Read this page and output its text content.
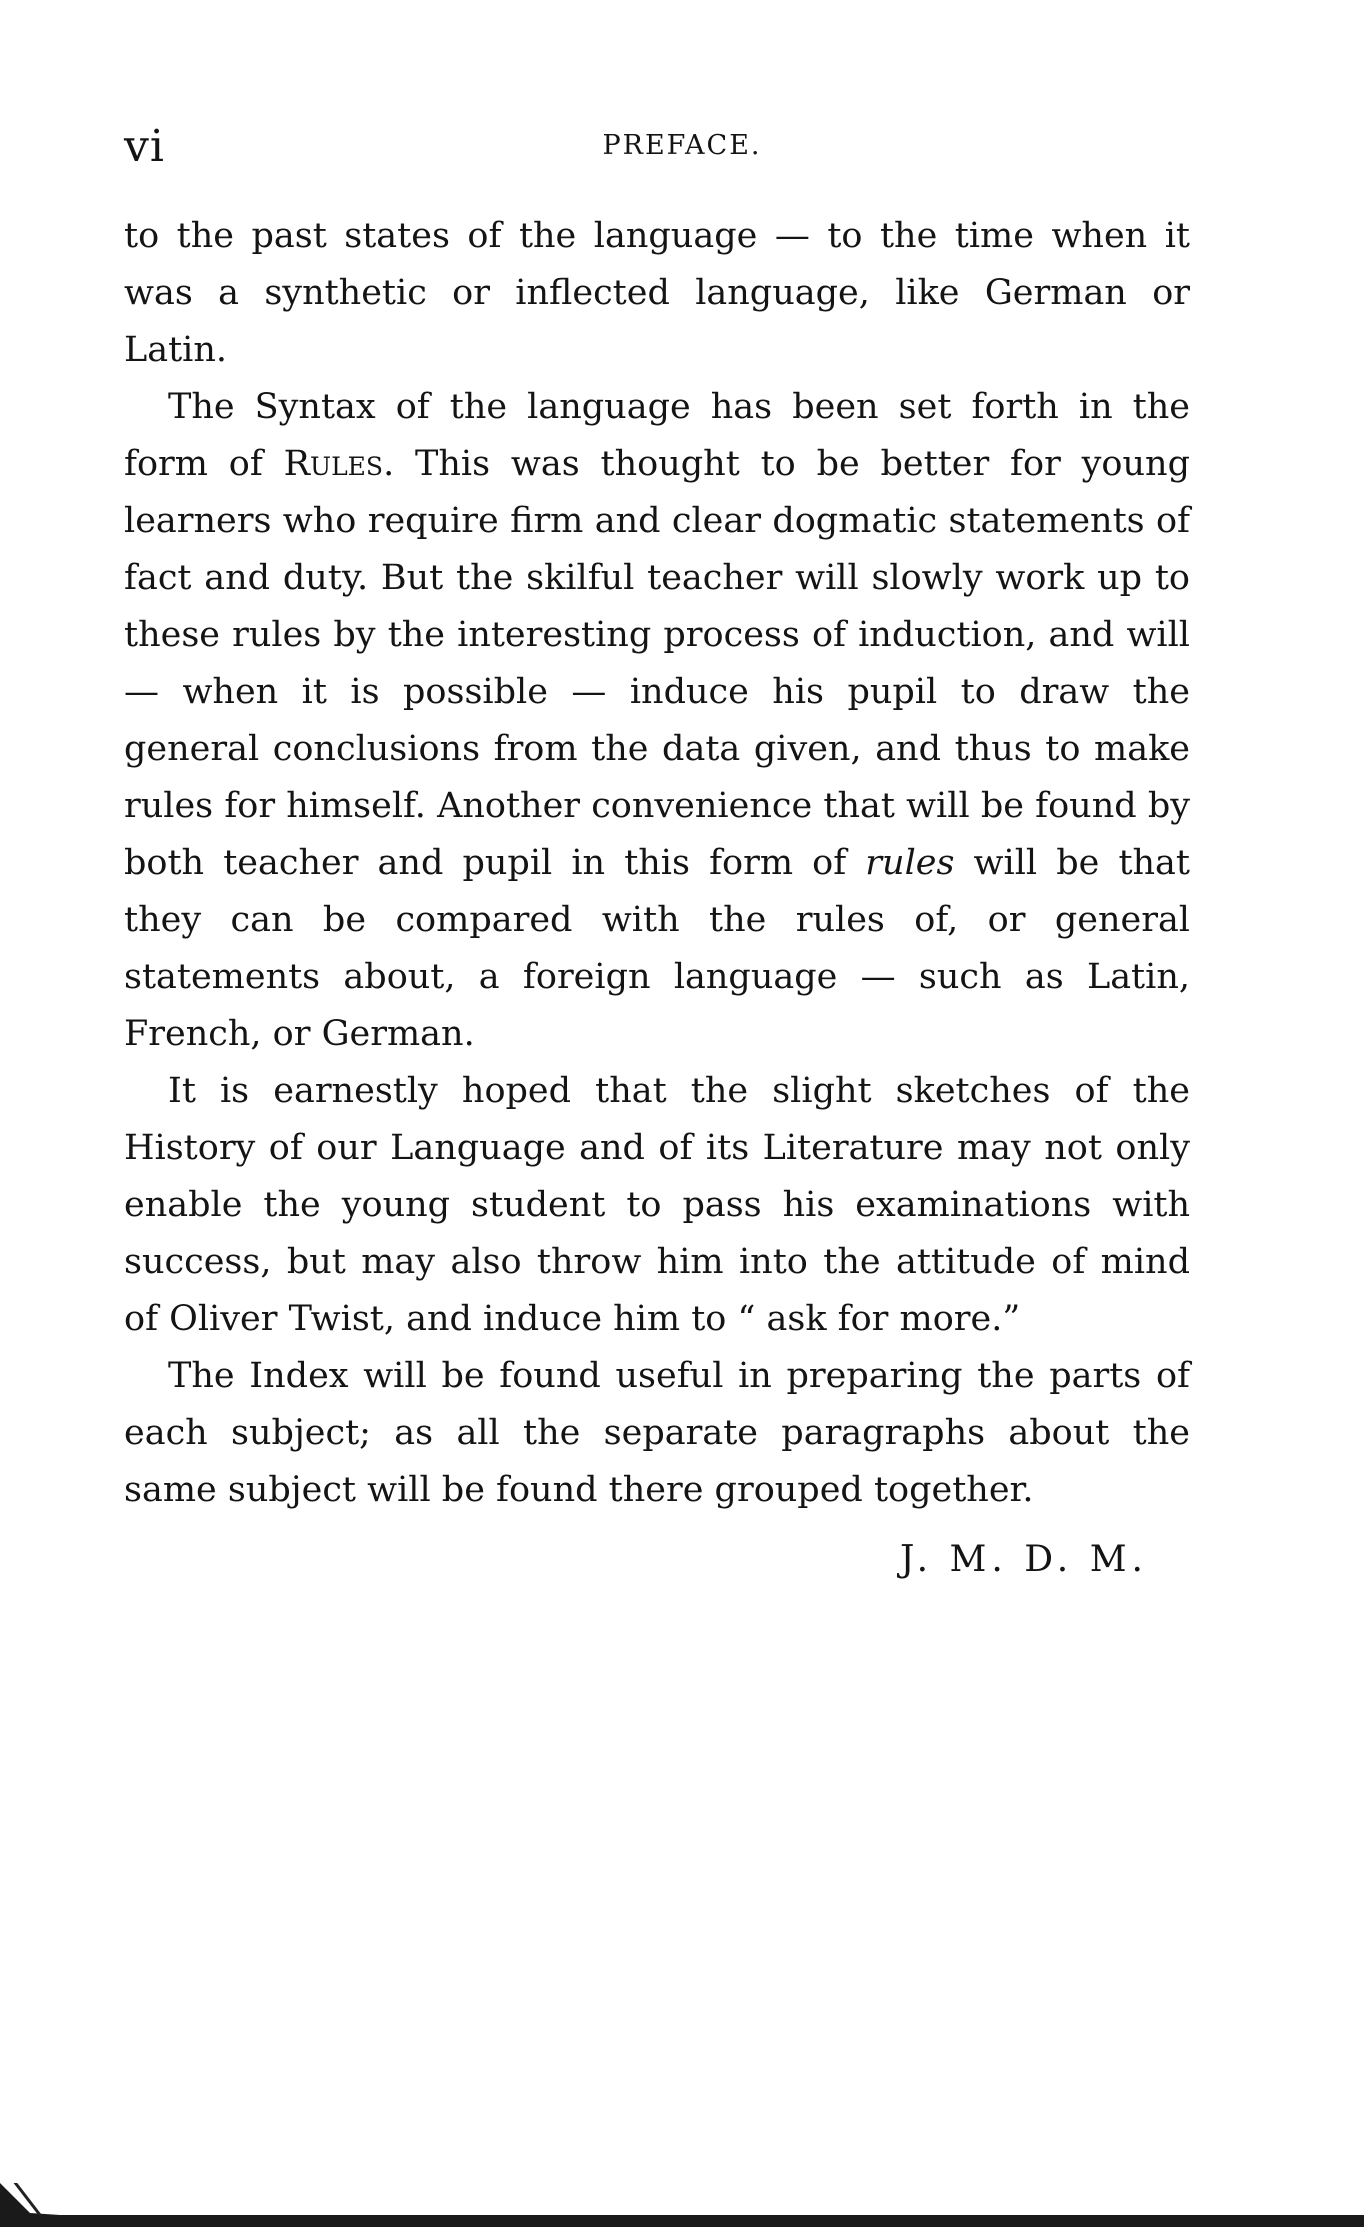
vi	PREFACE.

to the past states of the language — to the time when it was a synthetic or inflected language, like German or Latin.

The Syntax of the language has been set forth in the form of Rules. This was thought to be better for young learners who require firm and clear dogmatic statements of fact and duty. But the skilful teacher will slowly work up to these rules by the interesting process of induction, and will — when it is possible — induce his pupil to draw the general conclusions from the data given, and thus to make rules for himself. Another convenience that will be found by both teacher and pupil in this form of rules will be that they can be compared with the rules of, or general statements about, a foreign language — such as Latin, French, or German.

It is earnestly hoped that the slight sketches of the History of our Language and of its Literature may not only enable the young student to pass his examinations with success, but may also throw him into the attitude of mind of Oliver Twist, and induce him to “ ask for more.”

The Index will be found useful in preparing the parts of each subject; as all the separate paragraphs about the same subject will be found there grouped together.

J. M. D. M.
